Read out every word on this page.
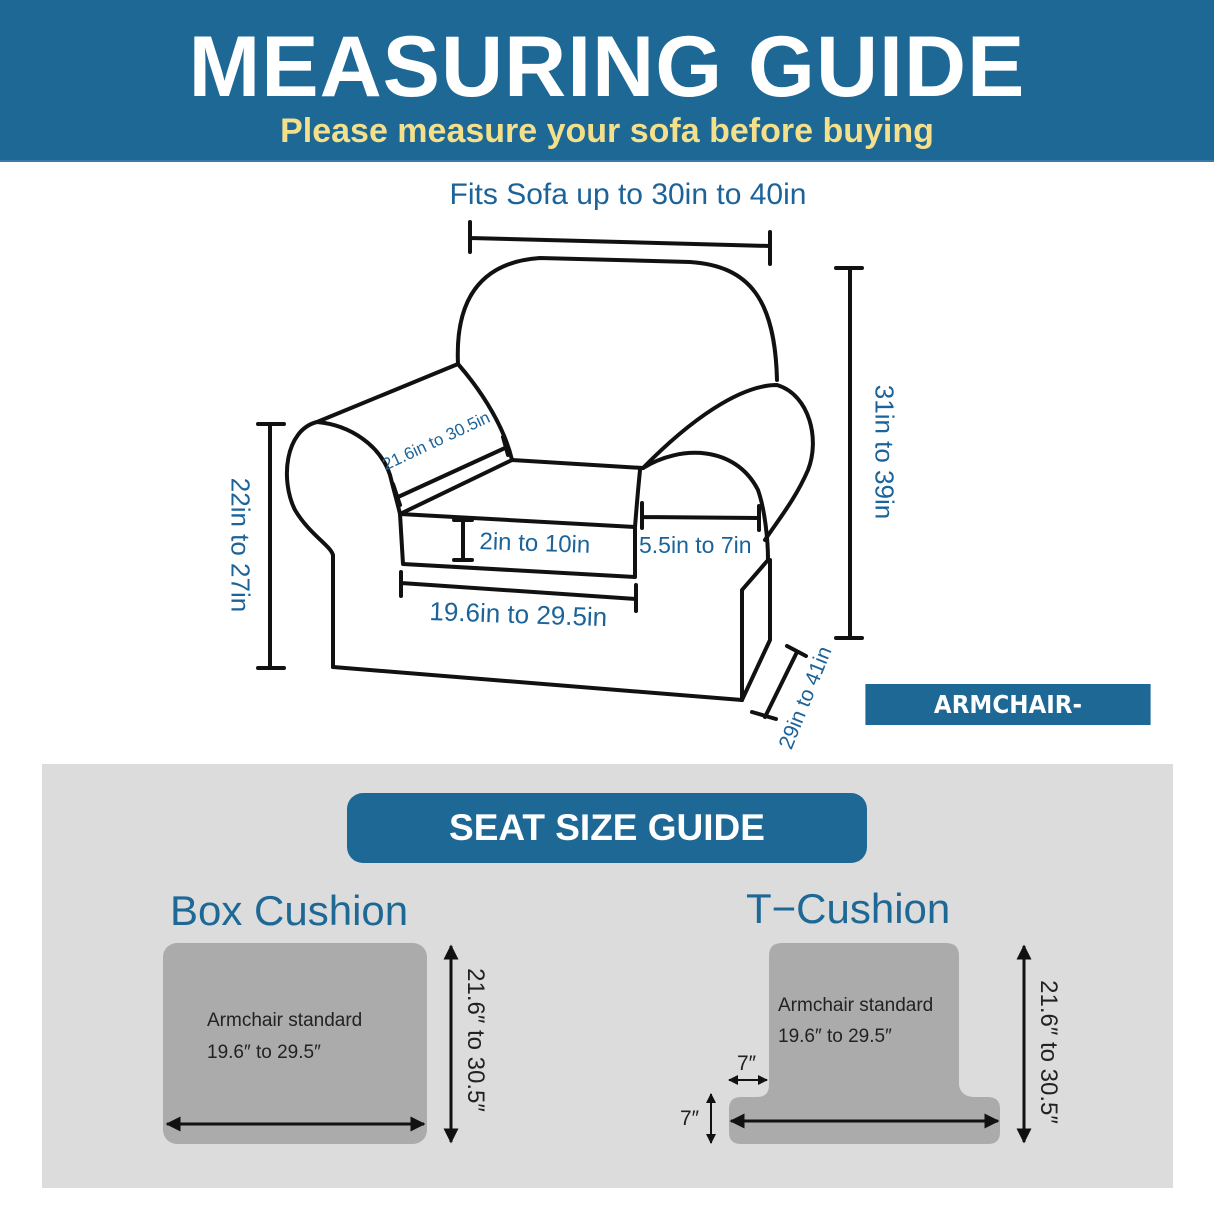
MEASURING GUIDE
Please measure your sofa before buying
Fits Sofa up to 30in to 40in
31in to 39in
22in to 27in
21.6in to 30.5in
2in to 10in 5.5in to 7in
19.6in to 29.5in
29in to 41in	ARMCHAIR-STANDARD
SEAT SIZE GUIDE
Box Cushion	T−Cushion
Armchair standard
19.6″ to 29.5″	21.6″ to 30.5″	Armchair standard
19.6″ to 29.5″
7″
7″	21.6″ to 30.5″
